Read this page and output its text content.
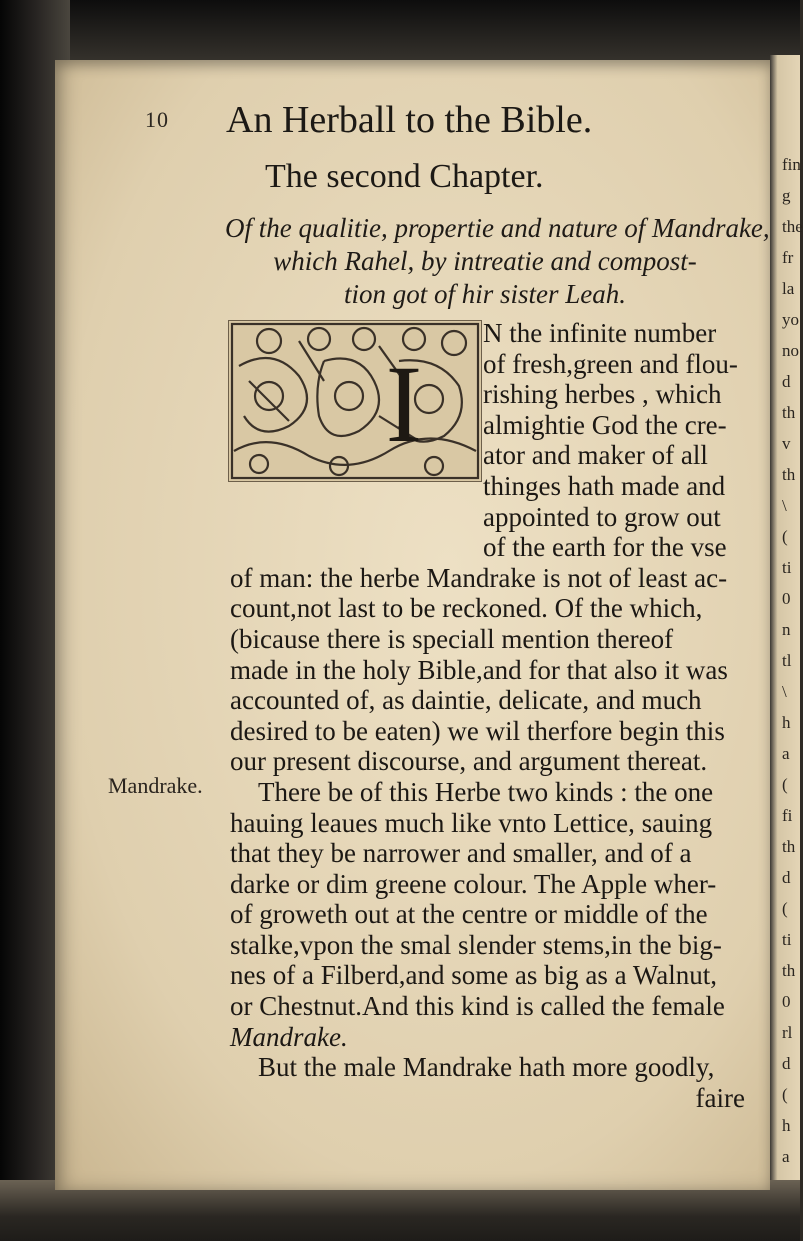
fin
g
the
fr
la
yo
no
d
th
v
th
\
(
ti
0
n
tl
\
h
a
(
fi
th
d
(
ti
th
0
rl
d
(
h
a
10 An Herball to the Bible.
The second Chapter.
Of the qualitie, propertie and nature of Mandrake,
which Rahel, by intreatie and compost-
tion got of hir sister Leah.
I
N the infinite number
of fresh,green and flou-
rishing herbes , which
almightie God the cre-
ator and maker of all
thinges hath made and
appointed to grow out
of the earth for the vse
of man: the herbe Mandrake is not of least ac-
count,not last to be reckoned. Of the which,
(bicause there is speciall mention thereof
made in the holy Bible,and for that also it was
accounted of, as daintie, delicate, and much
desired to be eaten) we wil therfore begin this
our present discourse, and argument thereat.
There be of this Herbe two kinds : the one
hauing leaues much like vnto Lettice, sauing
that they be narrower and smaller, and of a
darke or dim greene colour. The Apple wher-
of groweth out at the centre or middle of the
stalke,vpon the smal slender stems,in the big-
nes of a Filberd,and some as big as a Walnut,
or Chestnut.And this kind is called the female
Mandrake.
But the male Mandrake hath more goodly,
faire
Mandrake.
